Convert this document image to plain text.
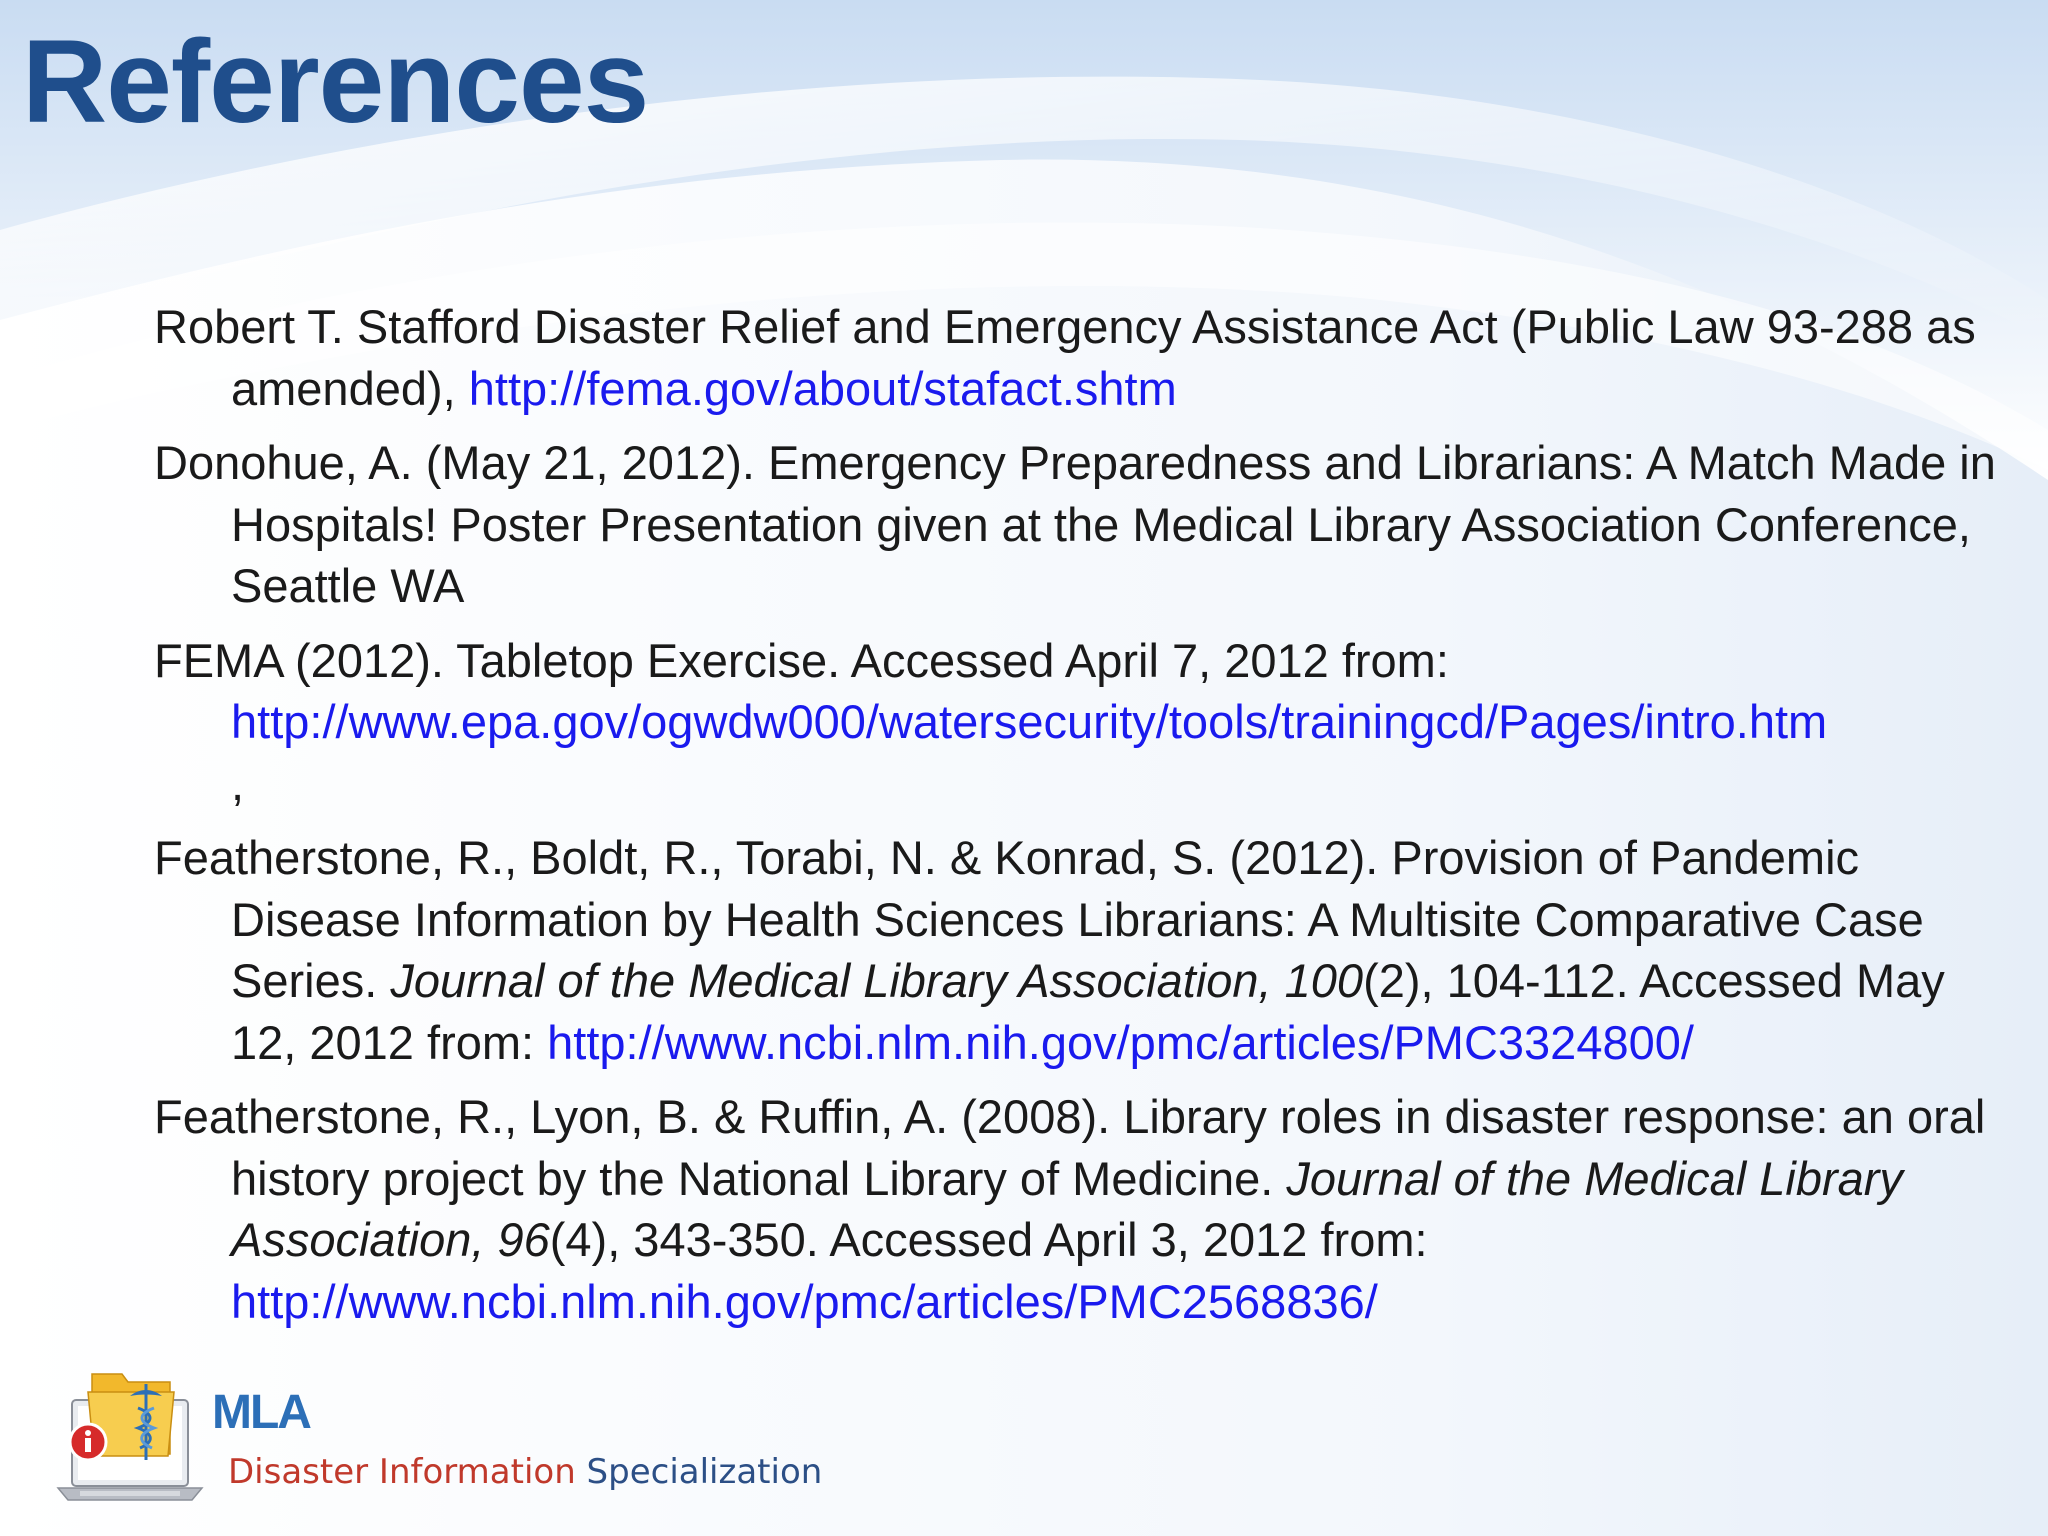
References
Robert T. Stafford Disaster Relief and Emergency Assistance Act (Public Law 93-288 as amended), http://fema.gov/about/stafact.shtm
Donohue, A. (May 21, 2012). Emergency Preparedness and Librarians: A Match Made in Hospitals! Poster Presentation given at the Medical Library Association Conference, Seattle WA
FEMA (2012). Tabletop Exercise. Accessed April 7, 2012 from: http://www.epa.gov/ogwdw000/watersecurity/tools/trainingcd/Pages/intro.htm
,
Featherstone, R., Boldt, R., Torabi, N. & Konrad, S. (2012). Provision of Pandemic Disease Information by Health Sciences Librarians: A Multisite Comparative Case Series. Journal of the Medical Library Association, 100(2), 104-112. Accessed May 12, 2012 from: http://www.ncbi.nlm.nih.gov/pmc/articles/PMC3324800/
Featherstone, R., Lyon, B. & Ruffin, A. (2008). Library roles in disaster response: an oral history project by the National Library of Medicine. Journal of the Medical Library Association, 96(4), 343-350. Accessed April 3, 2012 from: http://www.ncbi.nlm.nih.gov/pmc/articles/PMC2568836/
MLA
Disaster Information Specialization
